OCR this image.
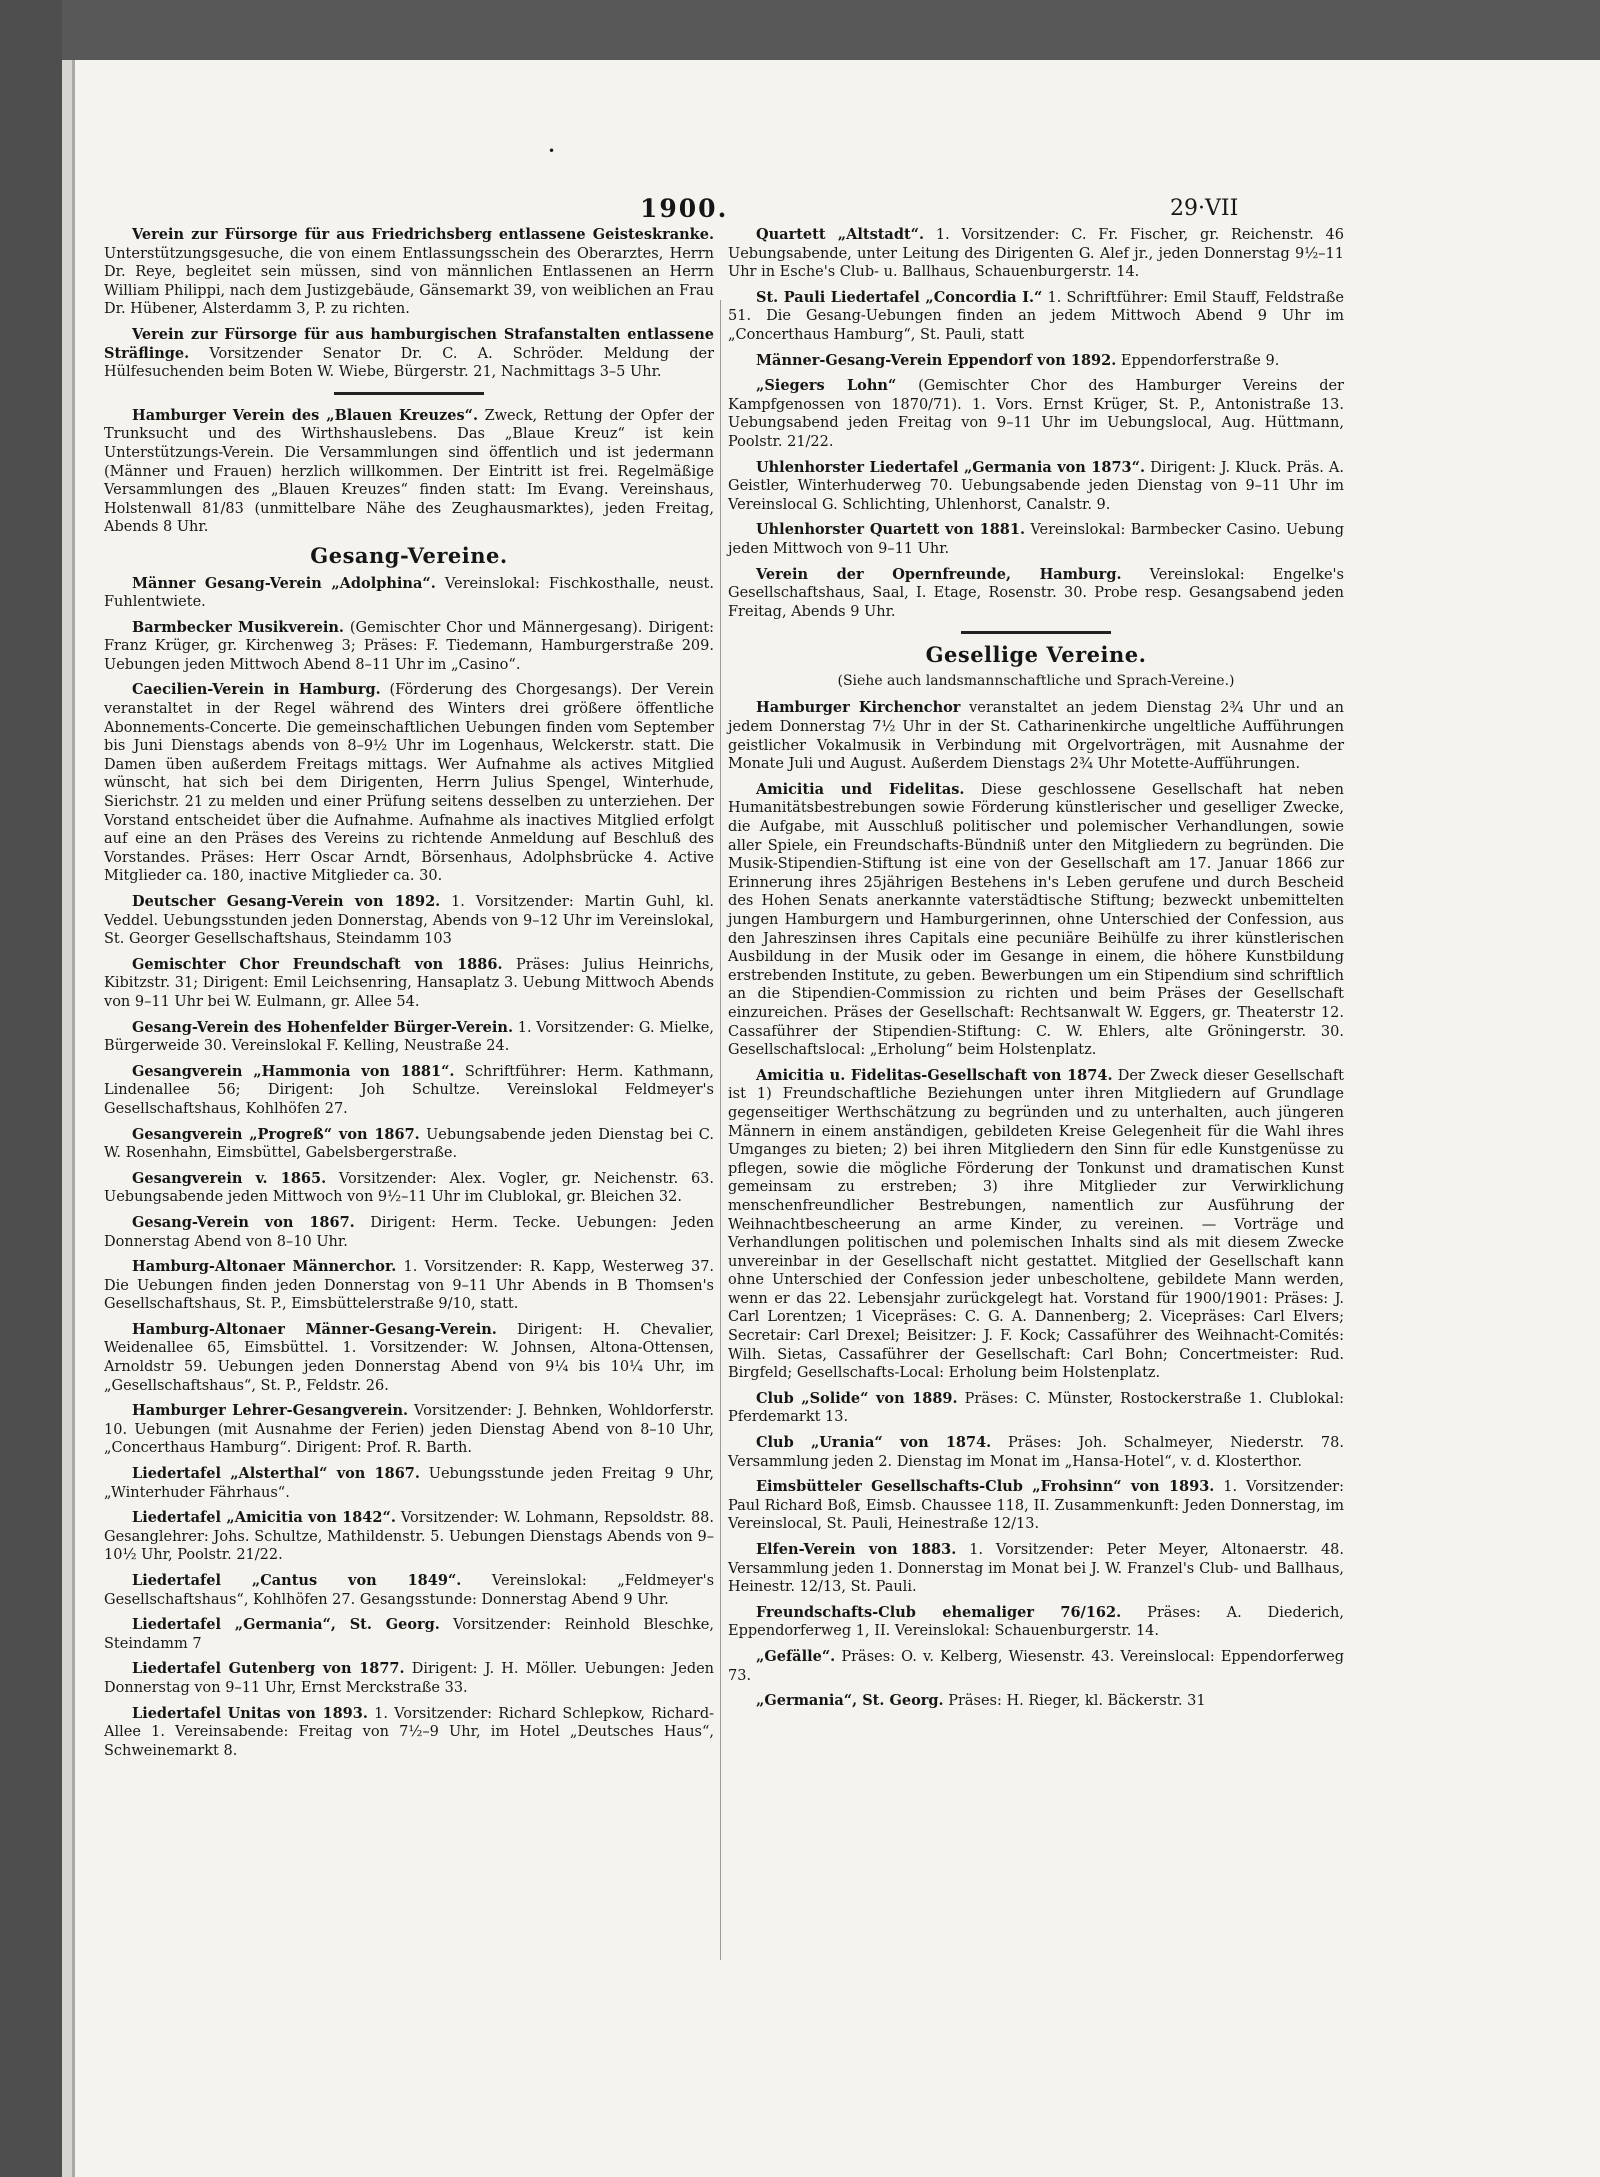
•
1900.	29·VII

Verein zur Fürsorge für aus Friedrichsberg entlassene Geisteskranke. Unterstützungsgesuche, die von einem Entlassungsschein des Oberarztes, Herrn Dr. Reye, begleitet sein müssen, sind von männlichen Entlassenen an Herrn William Philippi, nach dem Justizgebäude, Gänsemarkt 39, von weiblichen an Frau Dr. Hübener, Alsterdamm 3, P. zu richten.

Verein zur Fürsorge für aus hamburgischen Strafanstalten entlassene Sträflinge. Vorsitzender Senator Dr. C. A. Schröder. Meldung der Hülfesuchenden beim Boten W. Wiebe, Bürgerstr. 21, Nachmittags 3–5 Uhr.

Hamburger Verein des „Blauen Kreuzes“. Zweck, Rettung der Opfer der Trunksucht und des Wirthshauslebens. Das „Blaue Kreuz“ ist kein Unterstützungs-Verein. Die Versammlungen sind öffentlich und ist jedermann (Männer und Frauen) herzlich willkommen. Der Eintritt ist frei. Regelmäßige Versammlungen des „Blauen Kreuzes“ finden statt: Im Evang. Vereinshaus, Holstenwall 81/83 (unmittelbare Nähe des Zeughausmarktes), jeden Freitag, Abends 8 Uhr.

Gesang-Vereine.

Männer Gesang-Verein „Adolphina“. Vereinslokal: Fischkosthalle, neust. Fuhlentwiete.

Barmbecker Musikverein. (Gemischter Chor und Männergesang). Dirigent: Franz Krüger, gr. Kirchenweg 3; Präses: F. Tiedemann, Hamburgerstraße 209. Uebungen jeden Mittwoch Abend 8–11 Uhr im „Casino“.

Caecilien-Verein in Hamburg. (Förderung des Chorgesangs). Der Verein veranstaltet in der Regel während des Winters drei größere öffentliche Abonnements-Concerte. Die gemeinschaftlichen Uebungen finden vom September bis Juni Dienstags abends von 8–9½ Uhr im Logenhaus, Welckerstr. statt. Die Damen üben außerdem Freitags mittags. Wer Aufnahme als actives Mitglied wünscht, hat sich bei dem Dirigenten, Herrn Julius Spengel, Winterhude, Sierichstr. 21 zu melden und einer Prüfung seitens desselben zu unterziehen. Der Vorstand entscheidet über die Aufnahme. Aufnahme als inactives Mitglied erfolgt auf eine an den Präses des Vereins zu richtende Anmeldung auf Beschluß des Vorstandes. Präses: Herr Oscar Arndt, Börsenhaus, Adolphsbrücke 4. Active Mitglieder ca. 180, inactive Mitglieder ca. 30.

Deutscher Gesang-Verein von 1892. 1. Vorsitzender: Martin Guhl, kl. Veddel. Uebungsstunden jeden Donnerstag, Abends von 9–12 Uhr im Vereinslokal, St. Georger Gesellschaftshaus, Steindamm 103

Gemischter Chor Freundschaft von 1886. Präses: Julius Heinrichs, Kibitzstr. 31; Dirigent: Emil Leichsenring, Hansaplatz 3. Uebung Mittwoch Abends von 9–11 Uhr bei W. Eulmann, gr. Allee 54.

Gesang-Verein des Hohenfelder Bürger-Verein. 1. Vorsitzender: G. Mielke, Bürgerweide 30. Vereinslokal F. Kelling, Neustraße 24.

Gesangverein „Hammonia von 1881“. Schriftführer: Herm. Kathmann, Lindenallee 56; Dirigent: Joh Schultze. Vereinslokal Feldmeyer's Gesellschaftshaus, Kohlhöfen 27.

Gesangverein „Progreß“ von 1867. Uebungsabende jeden Dienstag bei C. W. Rosenhahn, Eimsbüttel, Gabelsbergerstraße.

Gesangverein v. 1865. Vorsitzender: Alex. Vogler, gr. Neichenstr. 63. Uebungsabende jeden Mittwoch von 9½–11 Uhr im Clublokal, gr. Bleichen 32.

Gesang-Verein von 1867. Dirigent: Herm. Tecke. Uebungen: Jeden Donnerstag Abend von 8–10 Uhr.

Hamburg-Altonaer Männerchor. 1. Vorsitzender: R. Kapp, Westerweg 37. Die Uebungen finden jeden Donnerstag von 9–11 Uhr Abends in B Thomsen's Gesellschaftshaus, St. P., Eimsbüttelerstraße 9/10, statt.

Hamburg-Altonaer Männer-Gesang-Verein. Dirigent: H. Chevalier, Weidenallee 65, Eimsbüttel. 1. Vorsitzender: W. Johnsen, Altona-Ottensen, Arnoldstr 59. Uebungen jeden Donnerstag Abend von 9¼ bis 10¼ Uhr, im „Gesellschaftshaus“, St. P., Feldstr. 26.

Hamburger Lehrer-Gesangverein. Vorsitzender: J. Behnken, Wohldorferstr. 10. Uebungen (mit Ausnahme der Ferien) jeden Dienstag Abend von 8–10 Uhr, „Concerthaus Hamburg“. Dirigent: Prof. R. Barth.

Liedertafel „Alsterthal“ von 1867. Uebungsstunde jeden Freitag 9 Uhr, „Winterhuder Fährhaus“.

Liedertafel „Amicitia von 1842“. Vorsitzender: W. Lohmann, Repsoldstr. 88. Gesanglehrer: Johs. Schultze, Mathildenstr. 5. Uebungen Dienstags Abends von 9–10½ Uhr, Poolstr. 21/22.

Liedertafel „Cantus von 1849“. Vereinslokal: „Feldmeyer's Gesellschaftshaus“, Kohlhöfen 27. Gesangsstunde: Donnerstag Abend 9 Uhr.

Liedertafel „Germania“, St. Georg. Vorsitzender: Reinhold Bleschke, Steindamm 7

Liedertafel Gutenberg von 1877. Dirigent: J. H. Möller. Uebungen: Jeden Donnerstag von 9–11 Uhr, Ernst Merckstraße 33.

Liedertafel Unitas von 1893. 1. Vorsitzender: Richard Schlepkow, Richard-Allee 1. Vereinsabende: Freitag von 7½–9 Uhr, im Hotel „Deutsches Haus“, Schweinemarkt 8.

Quartett „Altstadt“. 1. Vorsitzender: C. Fr. Fischer, gr. Reichenstr. 46 Uebungsabende, unter Leitung des Dirigenten G. Alef jr., jeden Donnerstag 9½–11 Uhr in Esche's Club- u. Ballhaus, Schauenburgerstr. 14.

St. Pauli Liedertafel „Concordia I.“ 1. Schriftführer: Emil Stauff, Feldstraße 51. Die Gesang-Uebungen finden an jedem Mittwoch Abend 9 Uhr im „Concerthaus Hamburg“, St. Pauli, statt

Männer-Gesang-Verein Eppendorf von 1892. Eppendorferstraße 9.

„Siegers Lohn“ (Gemischter Chor des Hamburger Vereins der Kampfgenossen von 1870/71). 1. Vors. Ernst Krüger, St. P., Antonistraße 13. Uebungsabend jeden Freitag von 9–11 Uhr im Uebungslocal, Aug. Hüttmann, Poolstr. 21/22.

Uhlenhorster Liedertafel „Germania von 1873“. Dirigent: J. Kluck. Präs. A. Geistler, Winterhuderweg 70. Uebungsabende jeden Dienstag von 9–11 Uhr im Vereinslocal G. Schlichting, Uhlenhorst, Canalstr. 9.

Uhlenhorster Quartett von 1881. Vereinslokal: Barmbecker Casino. Uebung jeden Mittwoch von 9–11 Uhr.

Verein der Opernfreunde, Hamburg. Vereinslokal: Engelke's Gesellschaftshaus, Saal, I. Etage, Rosenstr. 30. Probe resp. Gesangsabend jeden Freitag, Abends 9 Uhr.

Gesellige Vereine.
(Siehe auch landsmannschaftliche und Sprach-Vereine.)

Hamburger Kirchenchor veranstaltet an jedem Dienstag 2¾ Uhr und an jedem Donnerstag 7½ Uhr in der St. Catharinenkirche ungeltliche Aufführungen geistlicher Vokalmusik in Verbindung mit Orgelvorträgen, mit Ausnahme der Monate Juli und August. Außerdem Dienstags 2¾ Uhr Motette-Aufführungen.

Amicitia und Fidelitas. Diese geschlossene Gesellschaft hat neben Humanitätsbestrebungen sowie Förderung künstlerischer und geselliger Zwecke, die Aufgabe, mit Ausschluß politischer und polemischer Verhandlungen, sowie aller Spiele, ein Freundschafts-Bündniß unter den Mitgliedern zu begründen. Die Musik-Stipendien-Stiftung ist eine von der Gesellschaft am 17. Januar 1866 zur Erinnerung ihres 25jährigen Bestehens in's Leben gerufene und durch Bescheid des Hohen Senats anerkannte vaterstädtische Stiftung; bezweckt unbemittelten jungen Hamburgern und Hamburgerinnen, ohne Unterschied der Confession, aus den Jahreszinsen ihres Capitals eine pecuniäre Beihülfe zu ihrer künstlerischen Ausbildung in der Musik oder im Gesange in einem, die höhere Kunstbildung erstrebenden Institute, zu geben. Bewerbungen um ein Stipendium sind schriftlich an die Stipendien-Commission zu richten und beim Präses der Gesellschaft einzureichen. Präses der Gesellschaft: Rechtsanwalt W. Eggers, gr. Theaterstr 12. Cassaführer der Stipendien-Stiftung: C. W. Ehlers, alte Gröningerstr. 30. Gesellschaftslocal: „Erholung“ beim Holstenplatz.

Amicitia u. Fidelitas-Gesellschaft von 1874. Der Zweck dieser Gesellschaft ist 1) Freundschaftliche Beziehungen unter ihren Mitgliedern auf Grundlage gegenseitiger Werthschätzung zu begründen und zu unterhalten, auch jüngeren Männern in einem anständigen, gebildeten Kreise Gelegenheit für die Wahl ihres Umganges zu bieten; 2) bei ihren Mitgliedern den Sinn für edle Kunstgenüsse zu pflegen, sowie die mögliche Förderung der Tonkunst und dramatischen Kunst gemeinsam zu erstreben; 3) ihre Mitglieder zur Verwirklichung menschenfreundlicher Bestrebungen, namentlich zur Ausführung der Weihnachtbescheerung an arme Kinder, zu vereinen. — Vorträge und Verhandlungen politischen und polemischen Inhalts sind als mit diesem Zwecke unvereinbar in der Gesellschaft nicht gestattet. Mitglied der Gesellschaft kann ohne Unterschied der Confession jeder unbescholtene, gebildete Mann werden, wenn er das 22. Lebensjahr zurückgelegt hat. Vorstand für 1900/1901: Präses: J. Carl Lorentzen; 1 Vicepräses: C. G. A. Dannenberg; 2. Vicepräses: Carl Elvers; Secretair: Carl Drexel; Beisitzer: J. F. Kock; Cassaführer des Weihnacht-Comités: Wilh. Sietas, Cassaführer der Gesellschaft: Carl Bohn; Concertmeister: Rud. Birgfeld; Gesellschafts-Local: Erholung beim Holstenplatz.

Club „Solide“ von 1889. Präses: C. Münster, Rostockerstraße 1. Clublokal: Pferdemarkt 13.

Club „Urania“ von 1874. Präses: Joh. Schalmeyer, Niederstr. 78. Versammlung jeden 2. Dienstag im Monat im „Hansa-Hotel“, v. d. Klosterthor.

Eimsbütteler Gesellschafts-Club „Frohsinn“ von 1893. 1. Vorsitzender: Paul Richard Boß, Eimsb. Chaussee 118, II. Zusammenkunft: Jeden Donnerstag, im Vereinslocal, St. Pauli, Heinestraße 12/13.

Elfen-Verein von 1883. 1. Vorsitzender: Peter Meyer, Altonaerstr. 48. Versammlung jeden 1. Donnerstag im Monat bei J. W. Franzel's Club- und Ballhaus, Heinestr. 12/13, St. Pauli.

Freundschafts-Club ehemaliger 76/162. Präses: A. Diederich, Eppendorferweg 1, II. Vereinslokal: Schauenburgerstr. 14.

„Gefälle“. Präses: O. v. Kelberg, Wiesenstr. 43. Vereinslocal: Eppendorferweg 73.

„Germania“, St. Georg. Präses: H. Rieger, kl. Bäckerstr. 31
